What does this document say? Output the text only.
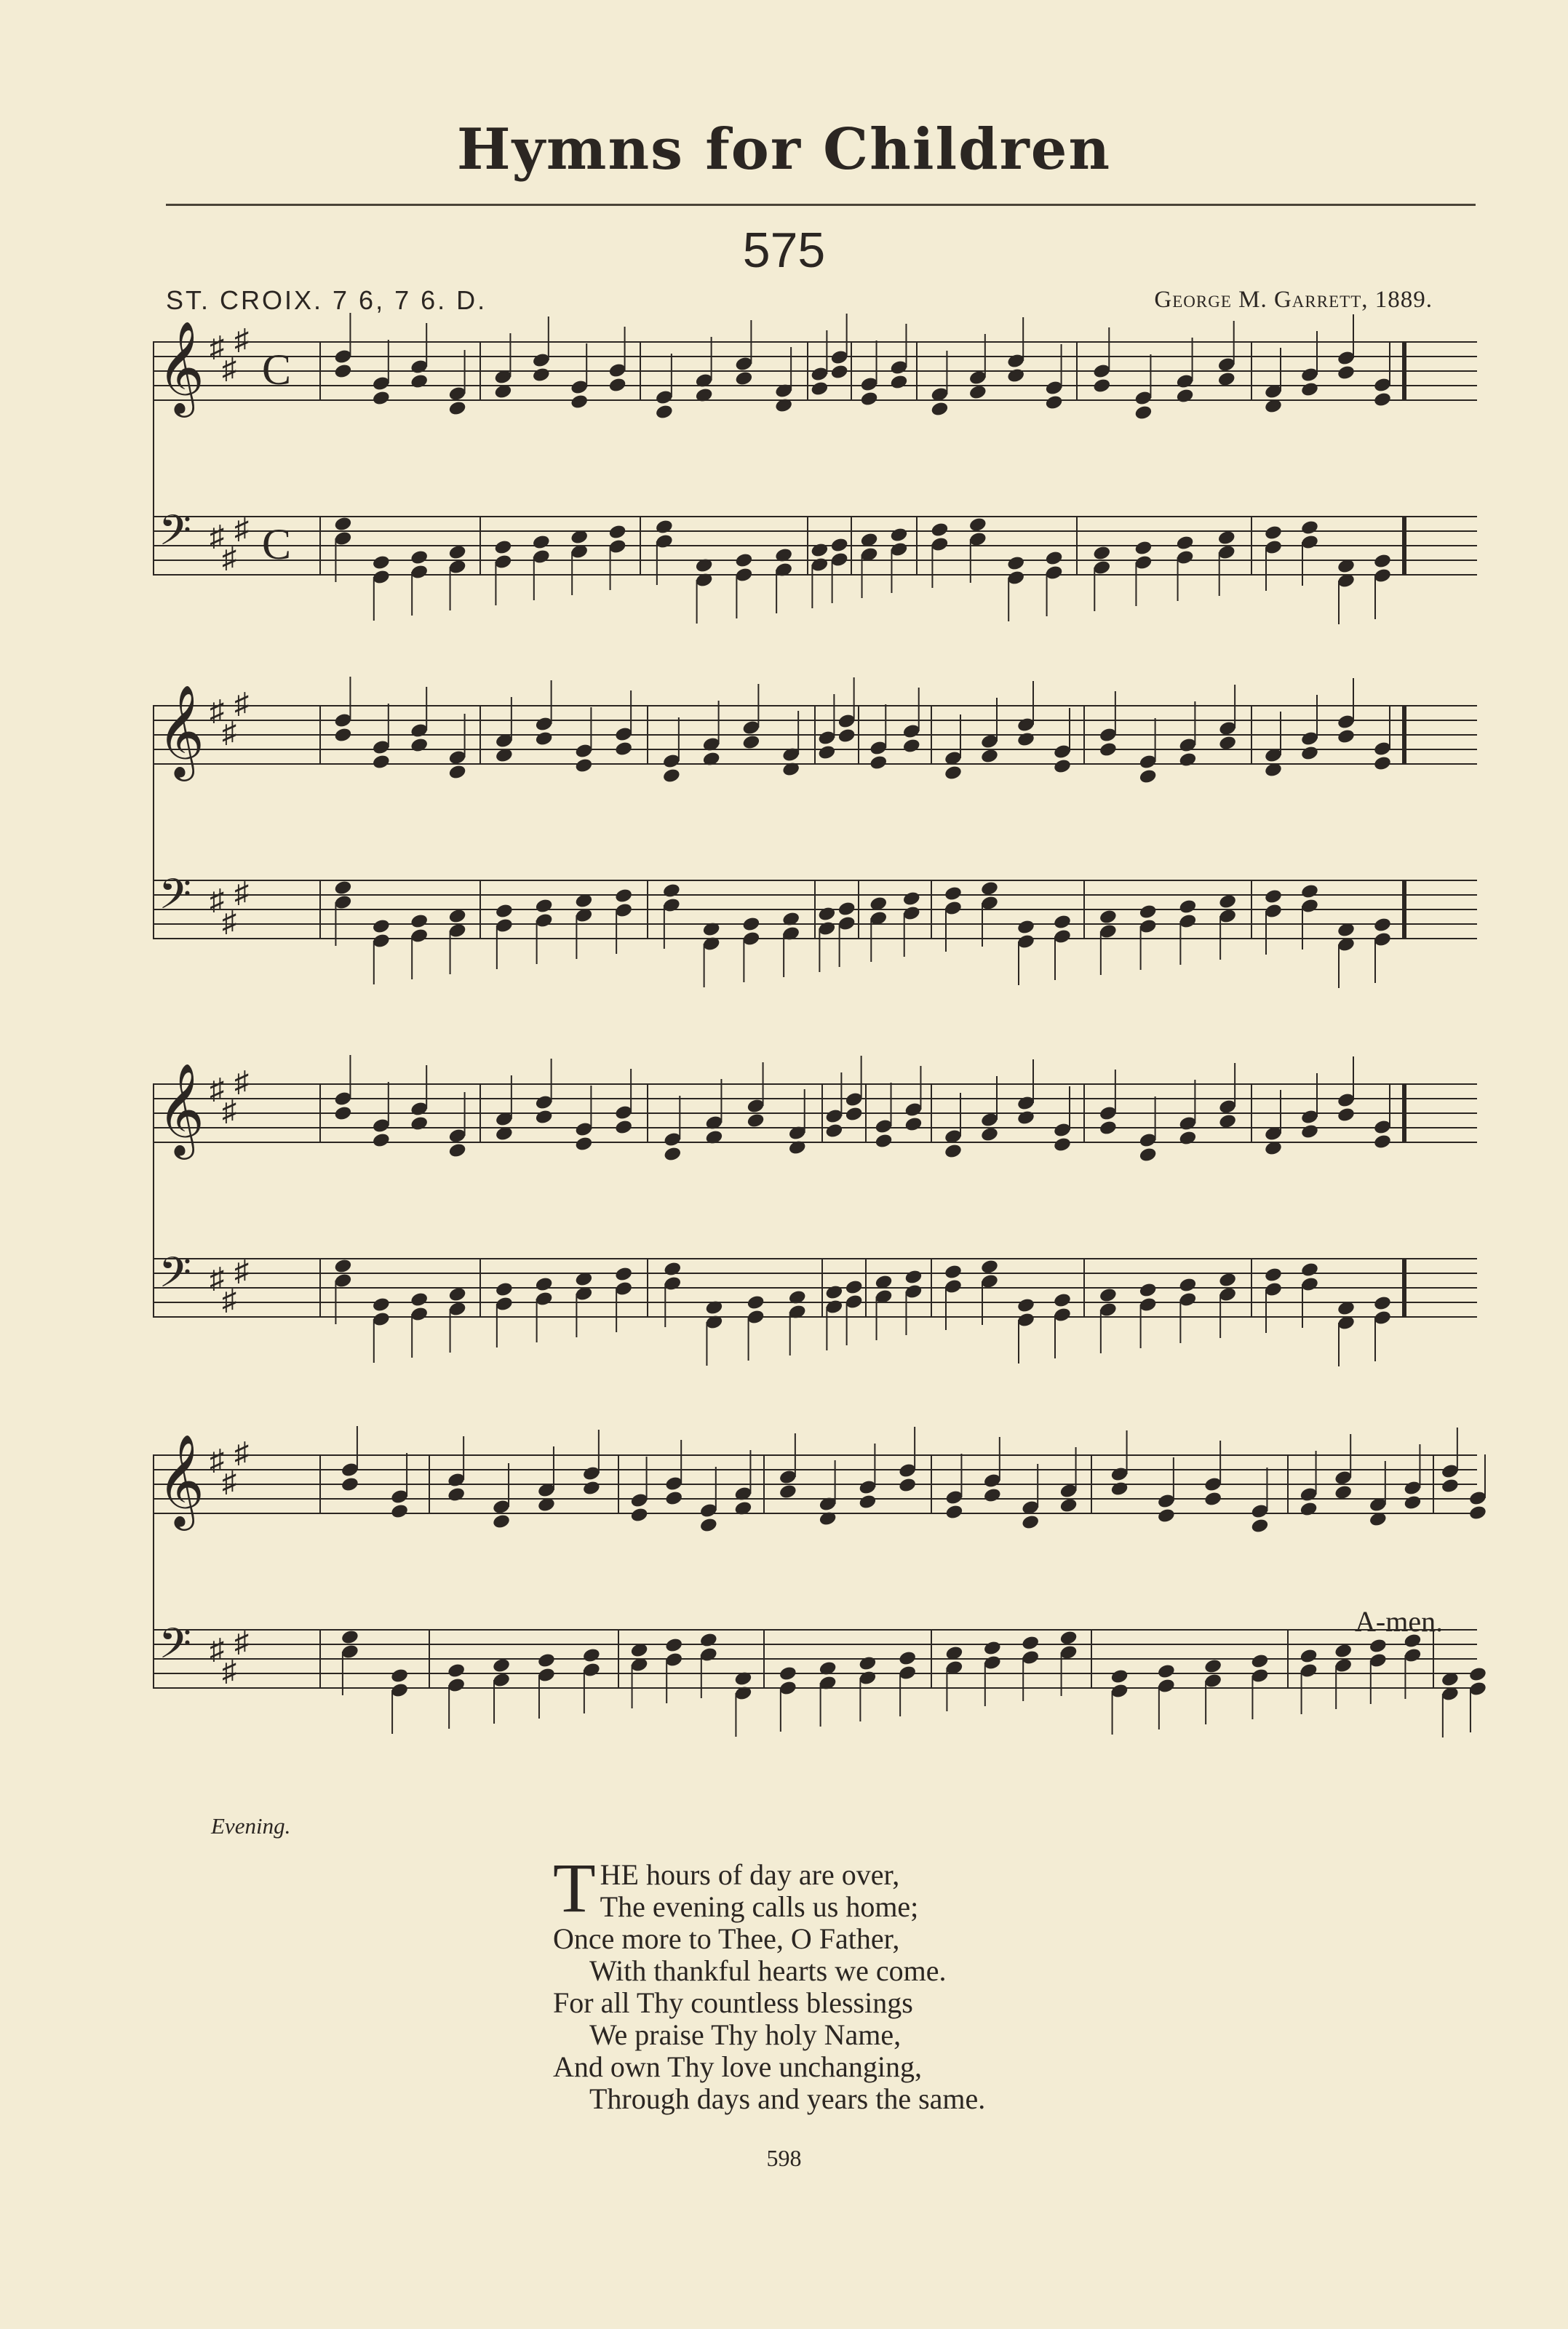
Hymns for Children
575
ST. CROIX. 7 6, 7 6. D.	George M. Garrett, 1889.
𝄞
𝄢
♯
♯
♯
♯
♯
♯
C
C
𝄞
𝄢
♯
♯
♯
♯
♯
♯
𝄞
𝄢
♯
♯
♯
♯
♯
♯
𝄞
𝄢
♯
♯
♯
♯
♯
♯
A-men.
Evening.
T HE hours of day are over,
The evening calls us home;
Once more to Thee, O Father,
With thankful hearts we come.
For all Thy countless blessings
We praise Thy holy Name,
And own Thy love unchanging,
Through days and years the same.
598
